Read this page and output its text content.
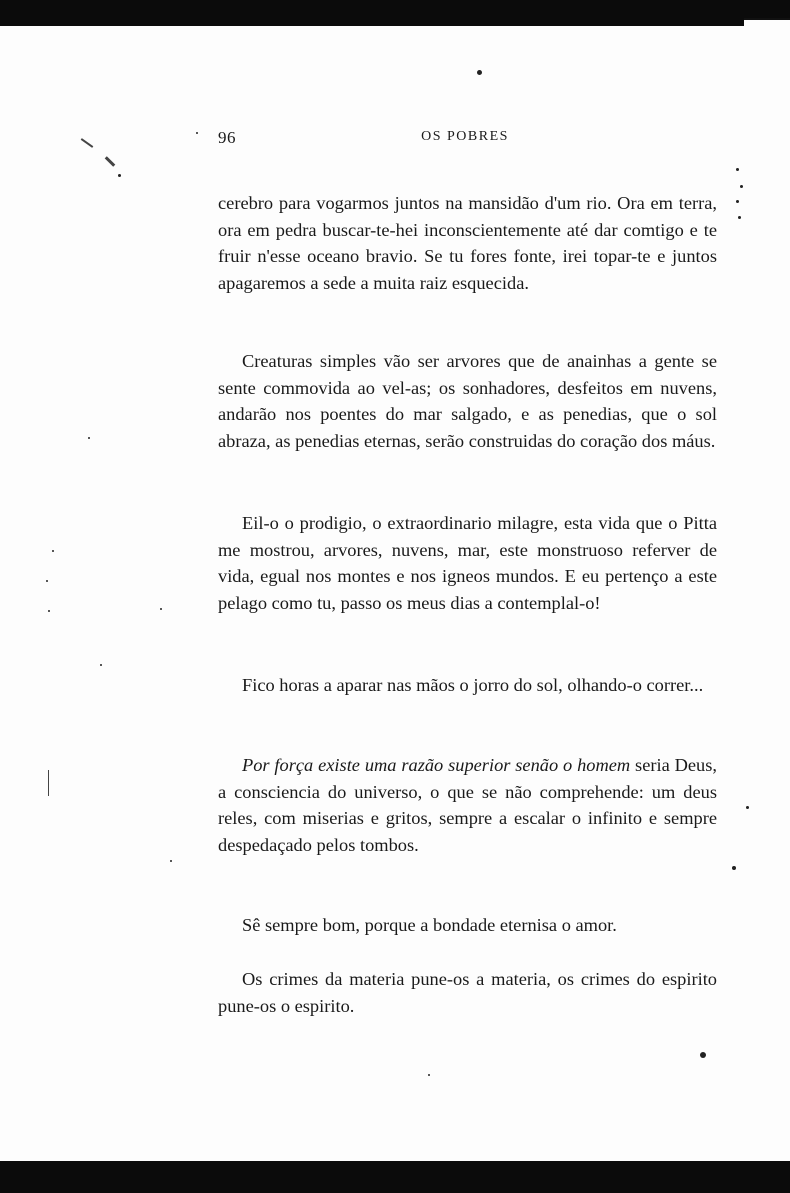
96	OS POBRES

cerebro para vogarmos juntos na mansidão d'um rio. Ora em terra, ora em pedra buscar-te-hei inconscientemente até dar comtigo e te fruir n'esse oceano bravio. Se tu fores fonte, irei topar-te e juntos apagaremos a sede a muita raiz esquecida.

Creaturas simples vão ser arvores que de anainhas a gente se sente commovida ao vel-as; os sonhadores, desfeitos em nuvens, andarão nos poentes do mar salgado, e as penedias, que o sol abraza, as penedias eternas, serão construidas do coração dos máus.

Eil-o o prodigio, o extraordinario milagre, esta vida que o Pitta me mostrou, arvores, nuvens, mar, este monstruoso referver de vida, egual nos montes e nos igneos mundos. E eu pertenço a este pelago como tu, passo os meus dias a contemplal-o!

Fico horas a aparar nas mãos o jorro do sol, olhando-o correr...

Por força existe uma razão superior senão o homem seria Deus, a consciencia do universo, o que se não comprehende: um deus reles, com miserias e gritos, sempre a escalar o infinito e sempre despedaçado pelos tombos.

Sê sempre bom, porque a bondade eternisa o amor.

Os crimes da materia pune-os a materia, os crimes do espirito pune-os o espirito.
